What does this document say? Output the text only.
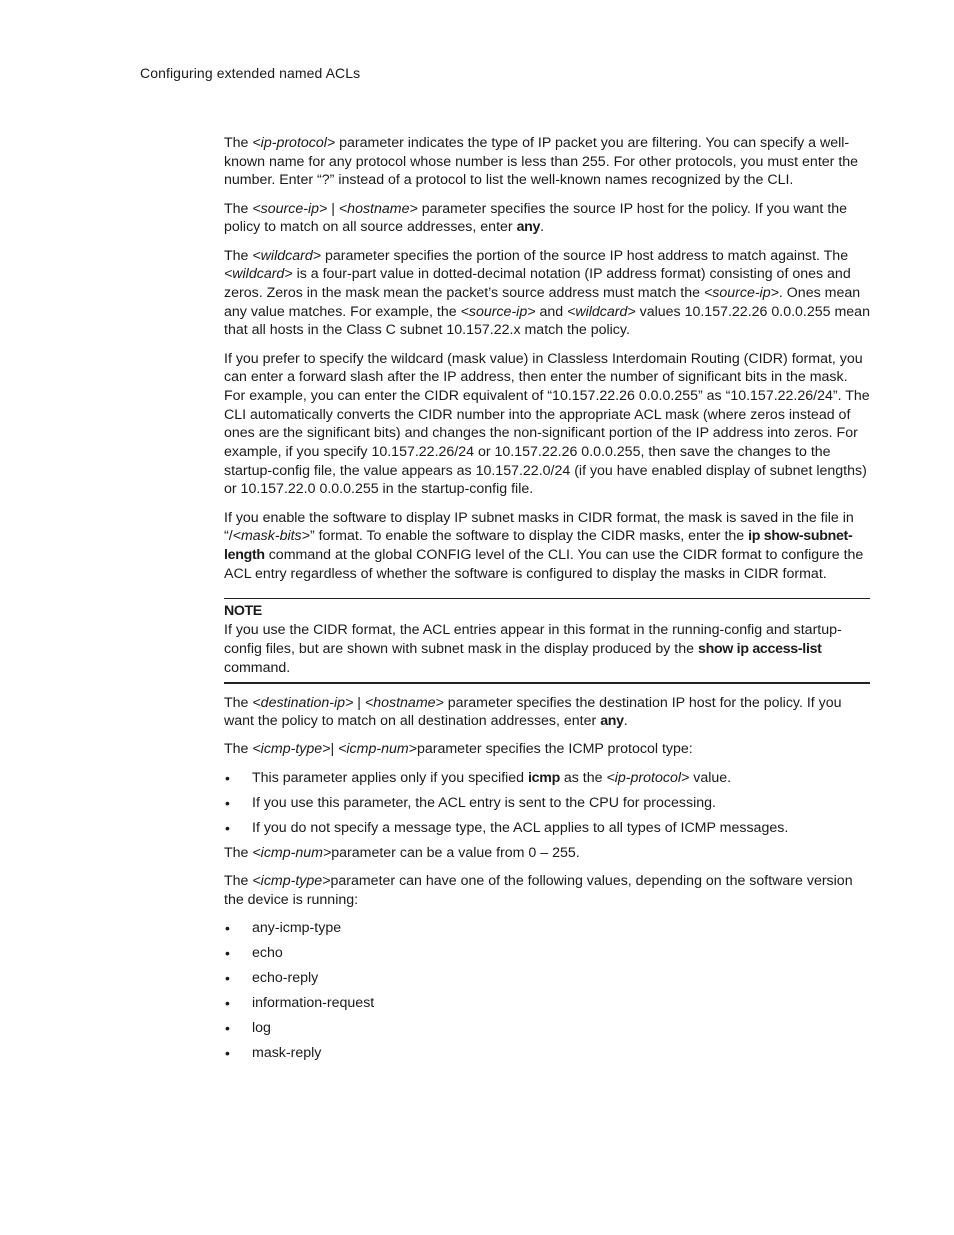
Configuring extended named ACLs

The <ip-protocol> parameter indicates the type of IP packet you are filtering. You can specify a well-known name for any protocol whose number is less than 255. For other protocols, you must enter the number. Enter “?” instead of a protocol to list the well-known names recognized by the CLI.

The <source-ip> | <hostname> parameter specifies the source IP host for the policy. If you want the policy to match on all source addresses, enter any.

The <wildcard> parameter specifies the portion of the source IP host address to match against. The <wildcard> is a four-part value in dotted-decimal notation (IP address format) consisting of ones and zeros. Zeros in the mask mean the packet’s source address must match the <source-ip>. Ones mean any value matches. For example, the <source-ip> and <wildcard> values 10.157.22.26 0.0.0.255 mean that all hosts in the Class C subnet 10.157.22.x match the policy.

If you prefer to specify the wildcard (mask value) in Classless Interdomain Routing (CIDR) format, you can enter a forward slash after the IP address, then enter the number of significant bits in the mask. For example, you can enter the CIDR equivalent of “10.157.22.26 0.0.0.255” as “10.157.22.26/24”. The CLI automatically converts the CIDR number into the appropriate ACL mask (where zeros instead of ones are the significant bits) and changes the non-significant portion of the IP address into zeros. For example, if you specify 10.157.22.26/24 or 10.157.22.26 0.0.0.255, then save the changes to the startup-config file, the value appears as 10.157.22.0/24 (if you have enabled display of subnet lengths) or 10.157.22.0 0.0.0.255 in the startup-config file.

If you enable the software to display IP subnet masks in CIDR format, the mask is saved in the file in “/<mask-bits>” format. To enable the software to display the CIDR masks, enter the ip show-subnet-length command at the global CONFIG level of the CLI. You can use the CIDR format to configure the ACL entry regardless of whether the software is configured to display the masks in CIDR format.

NOTE
If you use the CIDR format, the ACL entries appear in this format in the running-config and startup-config files, but are shown with subnet mask in the display produced by the show ip access-list command.

The <destination-ip> | <hostname> parameter specifies the destination IP host for the policy. If you want the policy to match on all destination addresses, enter any.

The <icmp-type>| <icmp-num>parameter specifies the ICMP protocol type:

• This parameter applies only if you specified icmp as the <ip-protocol> value.
• If you use this parameter, the ACL entry is sent to the CPU for processing.
• If you do not specify a message type, the ACL applies to all types of ICMP messages.

The <icmp-num>parameter can be a value from 0 – 255.

The <icmp-type>parameter can have one of the following values, depending on the software version the device is running:

• any-icmp-type
• echo
• echo-reply
• information-request
• log
• mask-reply
